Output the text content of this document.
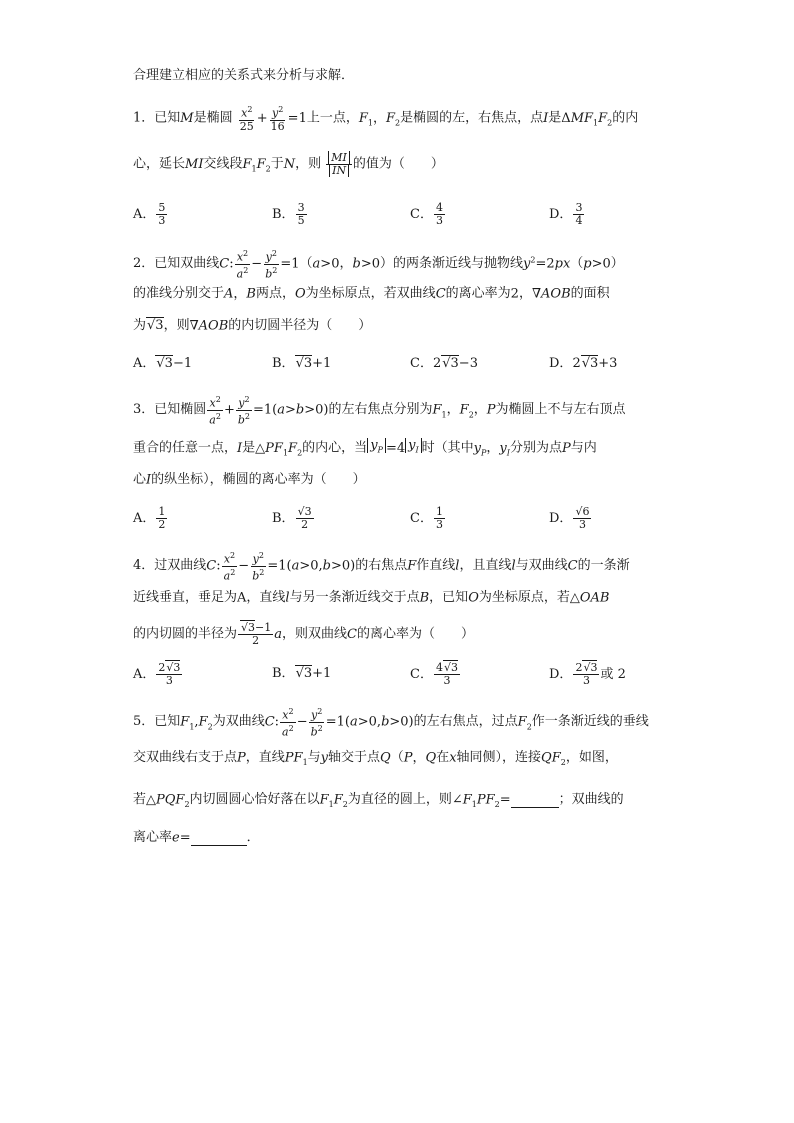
合理建立相应的关系式来分析与求解．
1．已知M是椭圆 $\frac{x^2}{25} + \frac{y^2}{16} =1$上一点，$F_1$，$F_2$是椭圆的左，右焦点，点I是$\Delta MF_1F_2$的内
心，延长MI交线段$F_1F_2$于N，则 $\frac{MI}{IN}$ 的值为（　　）
A． $\frac{5}{3}$	B． $\frac{3}{5}$	C． $\frac{4}{3}$	D． $\frac{3}{4}$
2．已知双曲线C: $\frac{x^2}{a^2} - \frac{y^2}{b^2} =1(a>0$，b>0）的两条渐近线与抛物线$y^2=2px(p>0)$
的准线分别交于A，B两点，O为坐标原点，若双曲线C的离心率为2，∇AOB的面积
为√3，则∇AOB的内切圆半径为（　　）
A．√3−1	B．√3+1	C．2√3−3	D．2√3+3
3．已知椭圆 $\frac{x^2}{a^2} + \frac{y^2}{b^2} =1(a>b>0)$的左右焦点分别为$F_1$，$F_2$，P为椭圆上不与左右顶点
重合的任意一点，I是$\triangle PF_1F_2$的内心，当 $y_P =4$ $y_I$ 时（其中$y_P$，$y_I$分别为点P与内
心I的纵坐标），椭圆的离心率为（　　）
A． $\frac{1}{2}$	B． $\frac{√3}{2}$	C． $\frac{1}{3}$	D． $\frac{√6}{3}$
4．过双曲线C: $\frac{x^2}{a^2} - \frac{y^2}{b^2} =1(a>0,b>0)$的右焦点F作直线l，且直线l与双曲线C的一条渐
近线垂直，垂足为A，直线l与另一条渐近线交于点B，已知O为坐标原点，若△OAB
的内切圆的半径为 $\frac{√3-1}{2}$ a，则双曲线C的离心率为（　　）
A． $\frac{2√3}{3}$	B．√3+1	C． $\frac{4√3}{3}$	D． $\frac{2√3}{3}$ 或 2
5．已知$F_1,F_2$为双曲线C: $\frac{x^2}{a^2} - \frac{y^2}{b^2} =1(a>0,b>0)$的左右焦点，过点$F_2$作一条渐近线的垂线
交双曲线右支于点P，直线$PF_1$与y轴交于点Q（P，Q在x轴同侧），连接$QF_2$，如图，
若$\triangle PQF_2$内切圆圆心恰好落在以$F_1F_2$为直径的圆上，则$\angle F_1PF_2=$	；双曲线的
离心率e=	．
